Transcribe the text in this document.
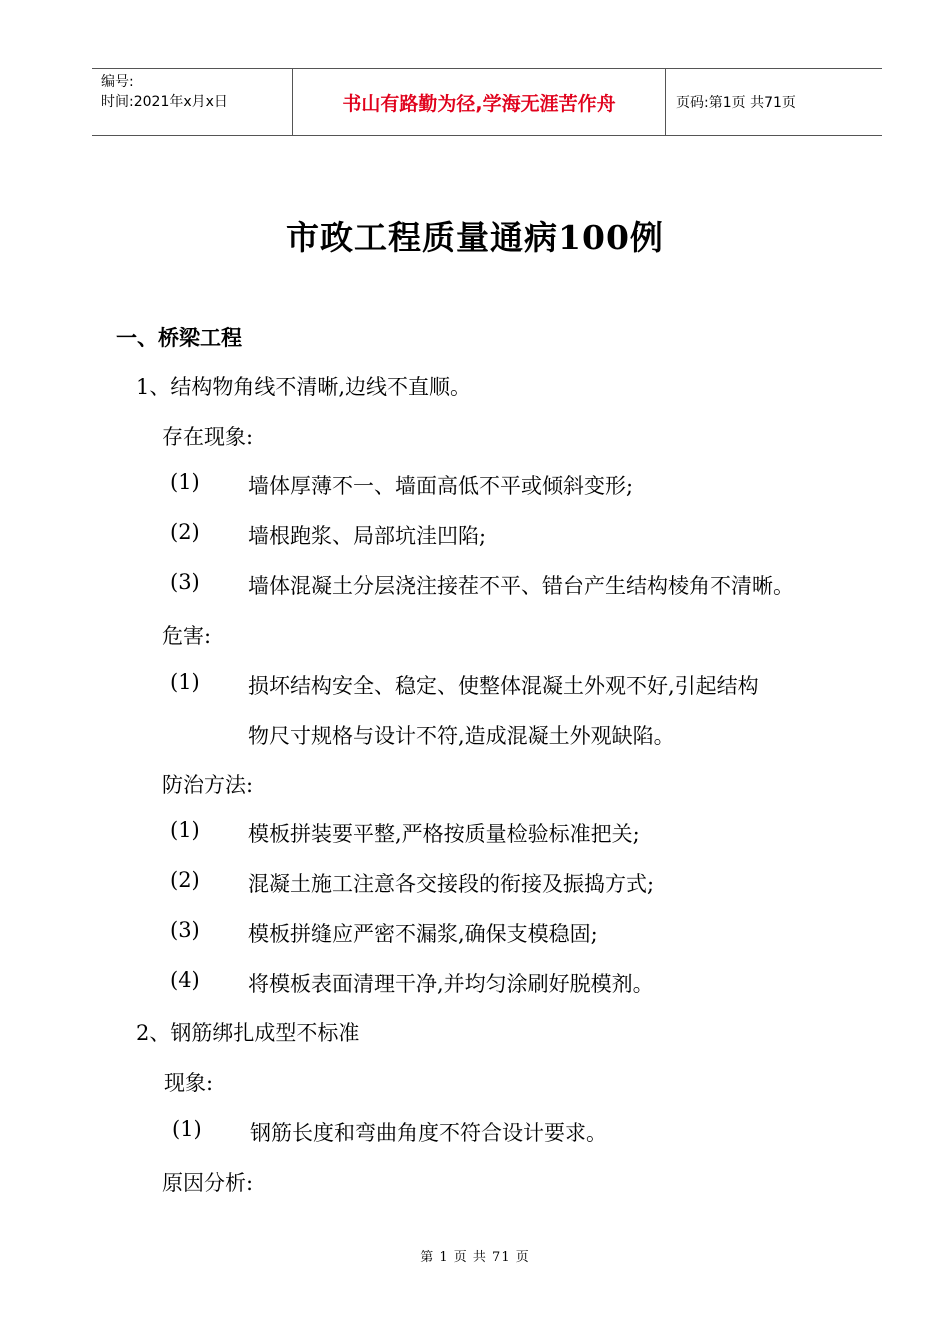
编号:
时间:2021年x月x日	书山有路勤为径,学海无涯苦作舟	页码:第1页 共71页
市政工程质量通病100例
一、桥梁工程
1、结构物角线不清晰,边线不直顺。
存在现象:
(1) 墙体厚薄不一、墙面高低不平或倾斜变形;
(2) 墙根跑浆、局部坑洼凹陷;
(3) 墙体混凝土分层浇注接茬不平、错台产生结构棱角不清晰。
危害:
(1) 损坏结构安全、稳定、使整体混凝土外观不好,引起结构
物尺寸规格与设计不符,造成混凝土外观缺陷。
防治方法:
(1) 模板拼装要平整,严格按质量检验标准把关;
(2) 混凝土施工注意各交接段的衔接及振捣方式;
(3) 模板拼缝应严密不漏浆,确保支模稳固;
(4) 将模板表面清理干净,并均匀涂刷好脱模剂。
2、钢筋绑扎成型不标准
现象:
(1) 钢筋长度和弯曲角度不符合设计要求。
原因分析:
第 1 页 共 71 页
